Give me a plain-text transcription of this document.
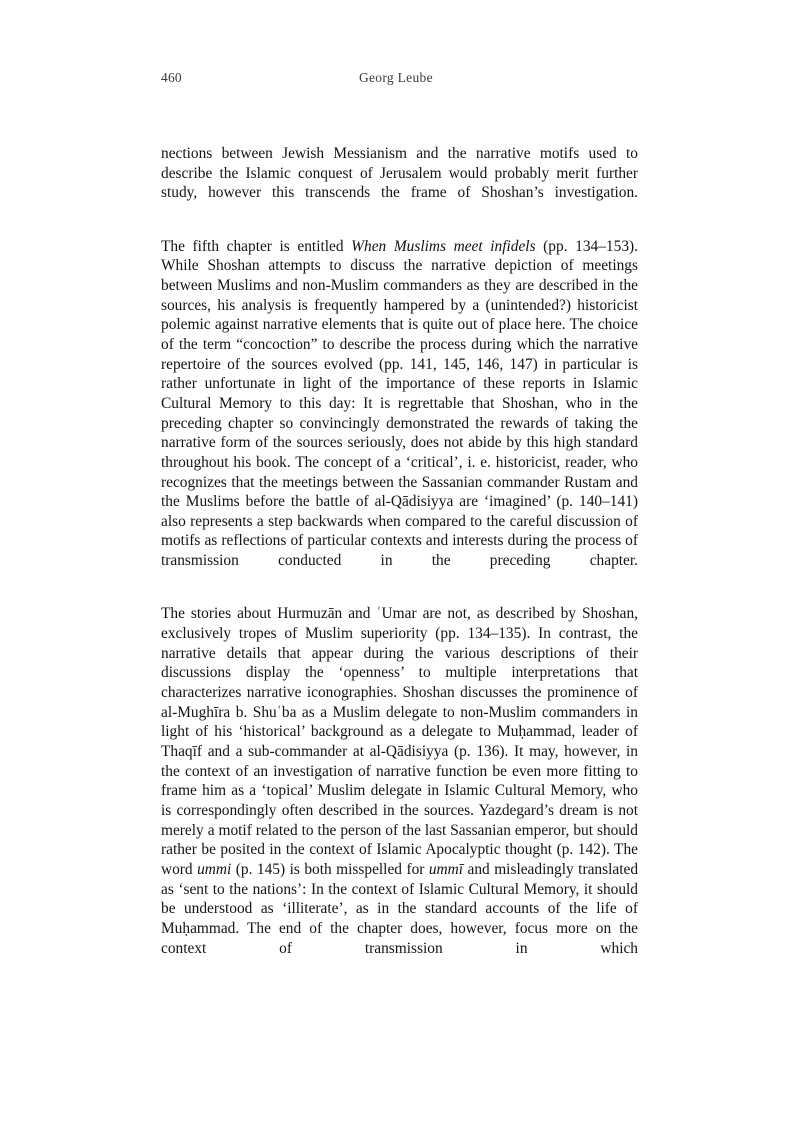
460	Georg Leube

nections between Jewish Messianism and the narrative motifs used to describe the Islamic conquest of Jerusalem would probably merit further study, however this transcends the frame of Shoshan’s investigation.

The fifth chapter is entitled When Muslims meet infidels (pp. 134–153). While Shoshan attempts to discuss the narrative depiction of meetings between Muslims and non-Muslim commanders as they are described in the sources, his analysis is frequently hampered by a (unintended?) historicist polemic against narrative elements that is quite out of place here. The choice of the term “concoction” to describe the process during which the narrative repertoire of the sources evolved (pp. 141, 145, 146, 147) in particular is rather unfortunate in light of the importance of these reports in Islamic Cultural Memory to this day: It is regrettable that Shoshan, who in the preceding chapter so convincingly demonstrated the rewards of taking the narrative form of the sources seriously, does not abide by this high standard throughout his book. The concept of a ‘critical’, i. e. historicist, reader, who recognizes that the meetings between the Sassanian commander Rustam and the Muslims before the battle of al-Qādisiyya are ‘imagined’ (p. 140–141) also represents a step backwards when compared to the careful discussion of motifs as reflections of particular contexts and interests during the process of transmission conducted in the preceding chapter.

The stories about Hurmuzān and ʿUmar are not, as described by Shoshan, exclusively tropes of Muslim superiority (pp. 134–135). In contrast, the narrative details that appear during the various descriptions of their discussions display the ‘openness’ to multiple interpretations that characterizes narrative iconographies. Shoshan discusses the prominence of al-Mughīra b. Shuʿba as a Muslim delegate to non-Muslim commanders in light of his ‘historical’ background as a delegate to Muḥammad, leader of Thaqīf and a sub-commander at al-Qādisiyya (p. 136). It may, however, in the context of an investigation of narrative function be even more fitting to frame him as a ‘topical’ Muslim delegate in Islamic Cultural Memory, who is correspondingly often described in the sources. Yazdegard’s dream is not merely a motif related to the person of the last Sassanian emperor, but should rather be posited in the context of Islamic Apocalyptic thought (p. 142). The word ummi (p. 145) is both misspelled for ummī and misleadingly translated as ‘sent to the nations’: In the context of Islamic Cultural Memory, it should be understood as ‘illiterate’, as in the standard accounts of the life of Muḥammad. The end of the chapter does, however, focus more on the context of transmission in which
